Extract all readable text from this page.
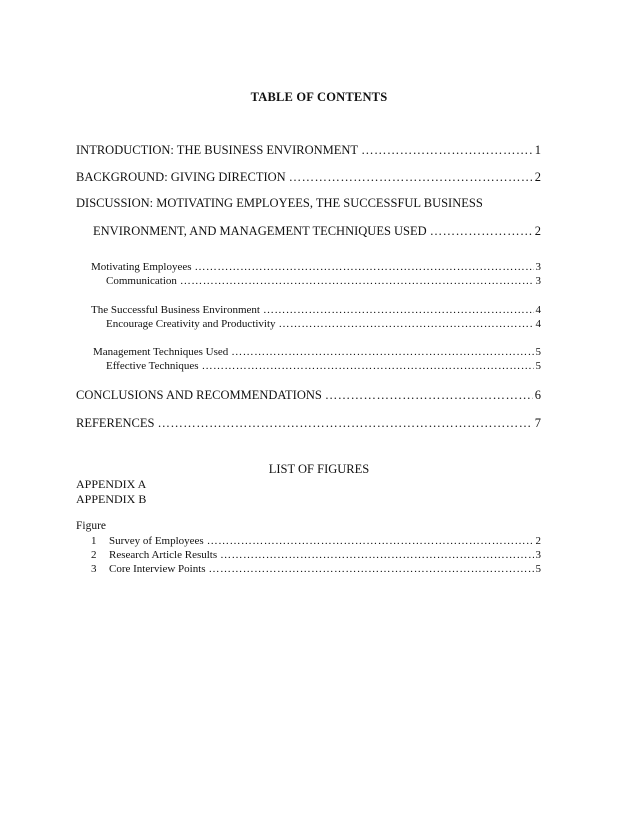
TABLE OF CONTENTS
INTRODUCTION: THE BUSINESS ENVIRONMENT …………………………………………………………………………………………………………………………………………………	1
BACKGROUND: GIVING DIRECTION …………………………………………………………………………………………………………………………………………………	2
DISCUSSION: MOTIVATING EMPLOYEES, THE SUCCESSFUL BUSINESS
ENVIRONMENT, AND MANAGEMENT TECHNIQUES USED …………………………………………………………………………………………………………………………………………………	2
Motivating Employees …………………………………………………………………………………………………………………………………………………	3
Communication …………………………………………………………………………………………………………………………………………………	3
The Successful Business Environment …………………………………………………………………………………………………………………………………………………	4
Encourage Creativity and Productivity …………………………………………………………………………………………………………………………………………………	4
Management Techniques Used …………………………………………………………………………………………………………………………………………………	5
Effective Techniques …………………………………………………………………………………………………………………………………………………	5
CONCLUSIONS AND RECOMMENDATIONS …………………………………………………………………………………………………………………………………………………	6
REFERENCES …………………………………………………………………………………………………………………………………………………	7
LIST OF FIGURES
APPENDIX A
APPENDIX B
Figure
1	Survey of Employees …………………………………………………………………………………………………………………………………………………	2
2	Research Article Results …………………………………………………………………………………………………………………………………………………	3
3	Core Interview Points …………………………………………………………………………………………………………………………………………………	5
